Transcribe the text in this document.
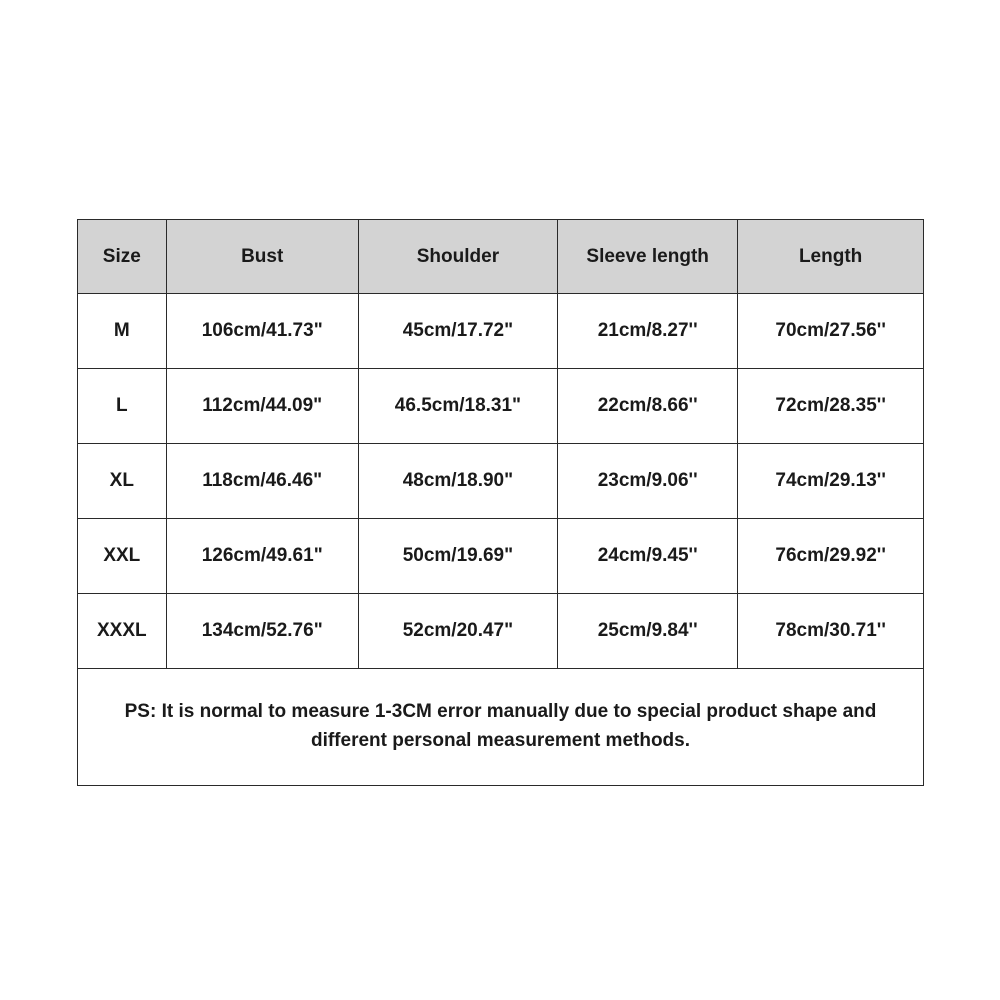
Size	Bust	Shoulder	Sleeve length	Length
M	106cm/41.73"	45cm/17.72"	21cm/8.27''	70cm/27.56''
L	112cm/44.09"	46.5cm/18.31"	22cm/8.66''	72cm/28.35''
XL	118cm/46.46"	48cm/18.90"	23cm/9.06''	74cm/29.13''
XXL	126cm/49.61"	50cm/19.69"	24cm/9.45''	76cm/29.92''
XXXL	134cm/52.76"	52cm/20.47"	25cm/9.84''	78cm/30.71''
PS: It is normal to measure 1-3CM error manually due to special product shape and
different personal measurement methods.
